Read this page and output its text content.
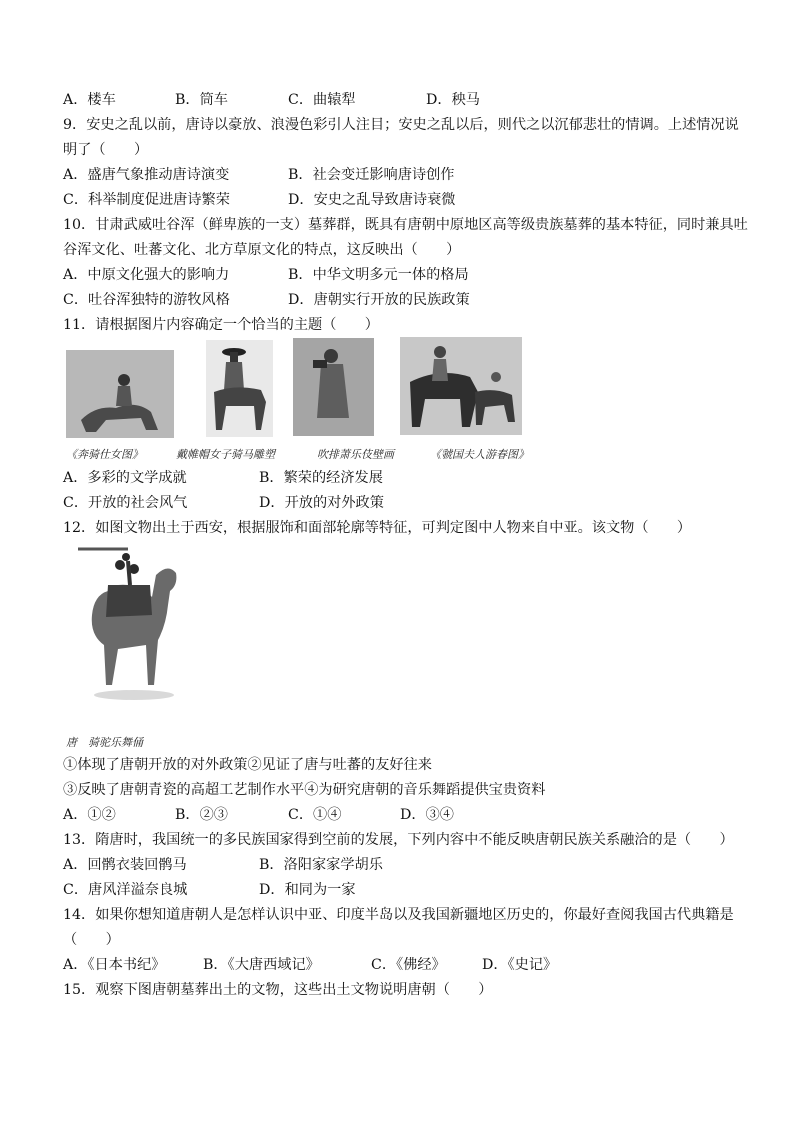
A．楼车	B．筒车	C．曲辕犁	D．秧马
9．安史之乱以前，唐诗以豪放、浪漫色彩引人注目；安史之乱以后，则代之以沉郁悲壮的情调。上述情况说
明了（　　）
A．盛唐气象推动唐诗演变	B．社会变迁影响唐诗创作
C．科举制度促进唐诗繁荣	D．安史之乱导致唐诗衰微
10．甘肃武威吐谷浑（鲜卑族的一支）墓葬群，既具有唐朝中原地区高等级贵族墓葬的基本特征，同时兼具吐
谷浑文化、吐蕃文化、北方草原文化的特点，这反映出（　　）
A．中原文化强大的影响力	B．中华文明多元一体的格局
C．吐谷浑独特的游牧风格	D．唐朝实行开放的民族政策
11．请根据图片内容确定一个恰当的主题（　　）
《奔骑仕女图》	戴帷帽女子骑马雕塑	吹排萧乐伎壁画	《虢国夫人游春图》
A．多彩的文学成就	B．繁荣的经济发展
C．开放的社会风气	D．开放的对外政策
12．如图文物出土于西安，根据服饰和面部轮廓等特征，可判定图中人物来自中亚。该文物（　　）
唐　骑驼乐舞俑
①体现了唐朝开放的对外政策②见证了唐与吐蕃的友好往来
③反映了唐朝青瓷的高超工艺制作水平④为研究唐朝的音乐舞蹈提供宝贵资料
A．①②	B．②③	C．①④	D．③④
13．隋唐时，我国统一的多民族国家得到空前的发展，下列内容中不能反映唐朝民族关系融洽的是（　　）
A．回鹘衣装回鹘马	B．洛阳家家学胡乐
C．唐风洋溢奈良城	D．和同为一家
14．如果你想知道唐朝人是怎样认识中亚、印度半岛以及我国新疆地区历史的，你最好查阅我国古代典籍是
（　　）
A．《日本书纪》	B．《大唐西域记》	C．《佛经》	D．《史记》
15．观察下图唐朝墓葬出土的文物，这些出土文物说明唐朝（　　）
